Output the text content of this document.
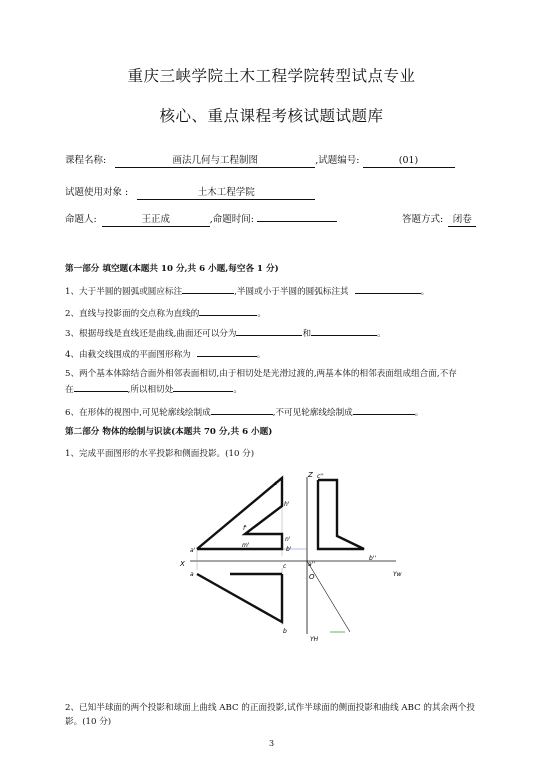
重庆三峡学院土木工程学院转型试点专业
核心、重点课程考核试题试题库
课程名称:	画法几何与工程制图	,试题编号:	(01)
试题使用对象 :	土木工程学院
命题人:	王正成	,命题时间:	答题方式: 闭卷
第一部分 填空题(本题共 10 分,共 6 小题,每空各 1 分)
1、大于半圆的圆弧或圆应标注	,半圆或小于半圆的圆弧标注其	。
2、直线与投影面的交点称为直线的	。
3、根据母线是直线还是曲线,曲面还可以分为	和	。
4、由截交线围成的平面图形称为	。
5、两个基本体除结合面外相邻表面相切,由于相切处是光滑过渡的,两基本体的相邻表面组成组合面,不存
在	,所以相切处	。
6、在形体的视图中,可见轮廓线绘制成	,不可见轮廓线绘制成	。
第二部分 物体的绘制与识读(本题共 70 分,共 6 小题)
1、完成平面图形的水平投影和侧面投影。(10 分)
Z c''
c'
h'
f'
n'
m'
b'
a'
a''
b''
X	c
a	O	Yw
YH
b
2、已知半球面的两个投影和球面上曲线 ABC 的正面投影,试作半球面的侧面投影和曲线 ABC 的其余两个投
影。(10 分)
3
